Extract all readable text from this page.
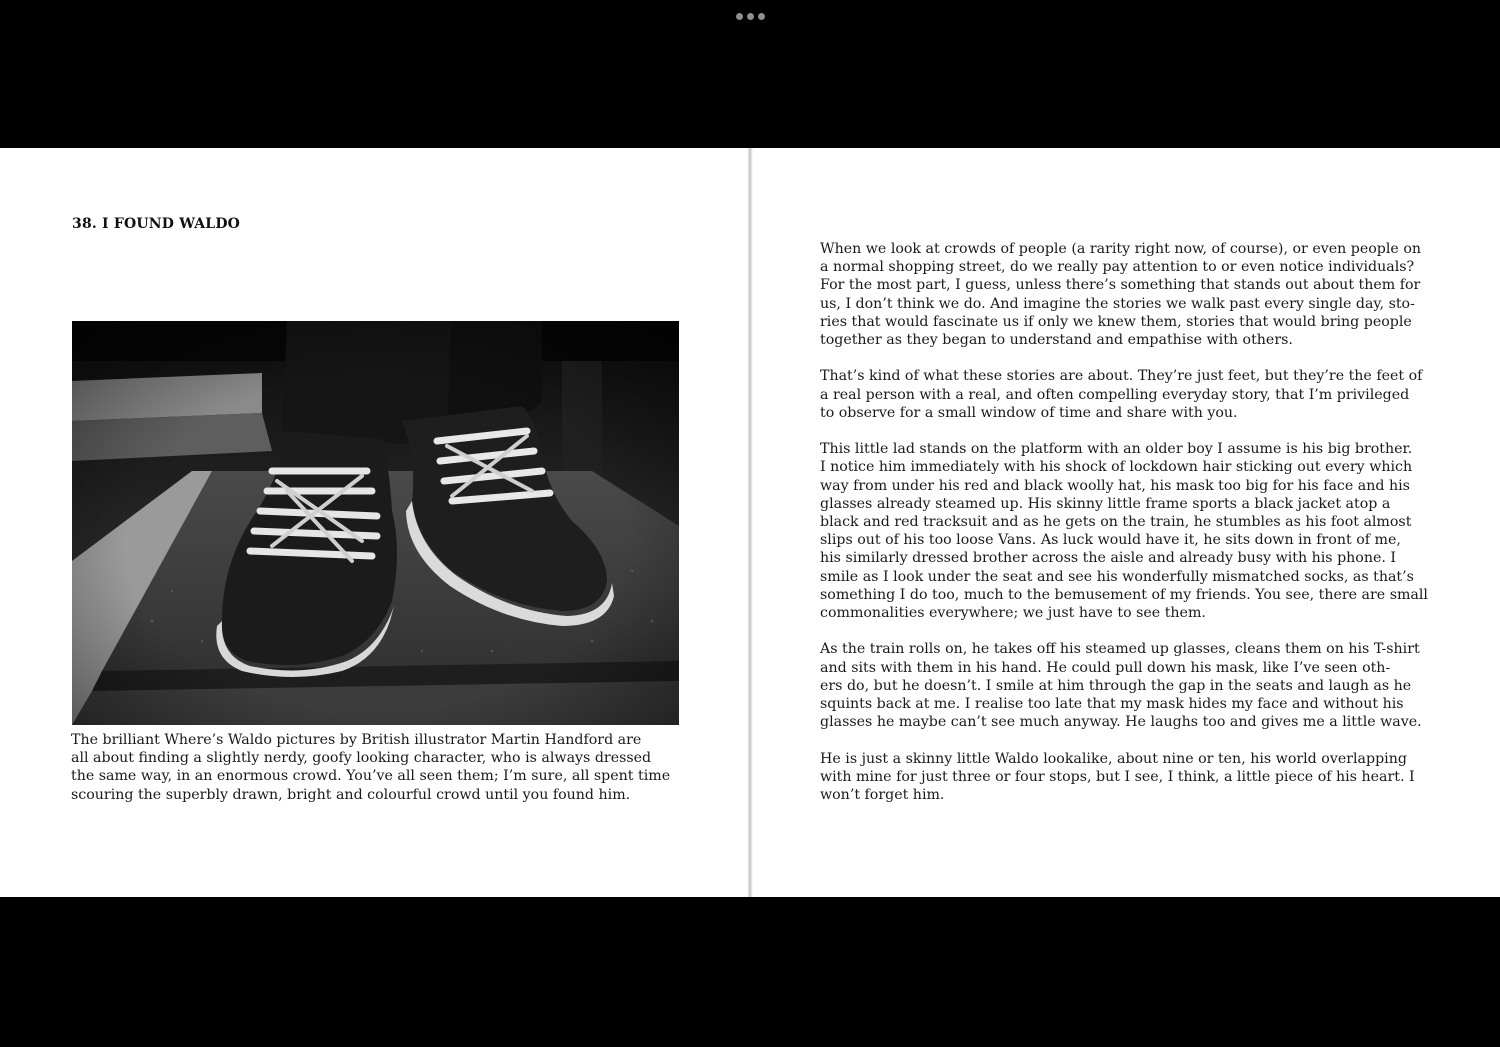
38. I FOUND WALDO
The brilliant Where’s Waldo pictures by British illustrator Martin Handford are
all about finding a slightly nerdy, goofy looking character, who is always dressed
the same way, in an enormous crowd. You’ve all seen them; I’m sure, all spent time
scouring the superbly drawn, bright and colourful crowd until you found him.

When we look at crowds of people (a rarity right now, of course), or even people on
a normal shopping street, do we really pay attention to or even notice individuals?
For the most part, I guess, unless there’s something that stands out about them for
us, I don’t think we do. And imagine the stories we walk past every single day, sto-
ries that would fascinate us if only we knew them, stories that would bring people
together as they began to understand and empathise with others.

That’s kind of what these stories are about. They’re just feet, but they’re the feet of
a real person with a real, and often compelling everyday story, that I’m privileged
to observe for a small window of time and share with you.

This little lad stands on the platform with an older boy I assume is his big brother.
I notice him immediately with his shock of lockdown hair sticking out every which
way from under his red and black woolly hat, his mask too big for his face and his
glasses already steamed up. His skinny little frame sports a black jacket atop a
black and red tracksuit and as he gets on the train, he stumbles as his foot almost
slips out of his too loose Vans. As luck would have it, he sits down in front of me,
his similarly dressed brother across the aisle and already busy with his phone. I
smile as I look under the seat and see his wonderfully mismatched socks, as that’s
something I do too, much to the bemusement of my friends. You see, there are small
commonalities everywhere; we just have to see them.

As the train rolls on, he takes off his steamed up glasses, cleans them on his T-shirt
and sits with them in his hand. He could pull down his mask, like I’ve seen oth-
ers do, but he doesn’t. I smile at him through the gap in the seats and laugh as he
squints back at me. I realise too late that my mask hides my face and without his
glasses he maybe can’t see much anyway. He laughs too and gives me a little wave.

He is just a skinny little Waldo lookalike, about nine or ten, his world overlapping
with mine for just three or four stops, but I see, I think, a little piece of his heart. I
won’t forget him.
